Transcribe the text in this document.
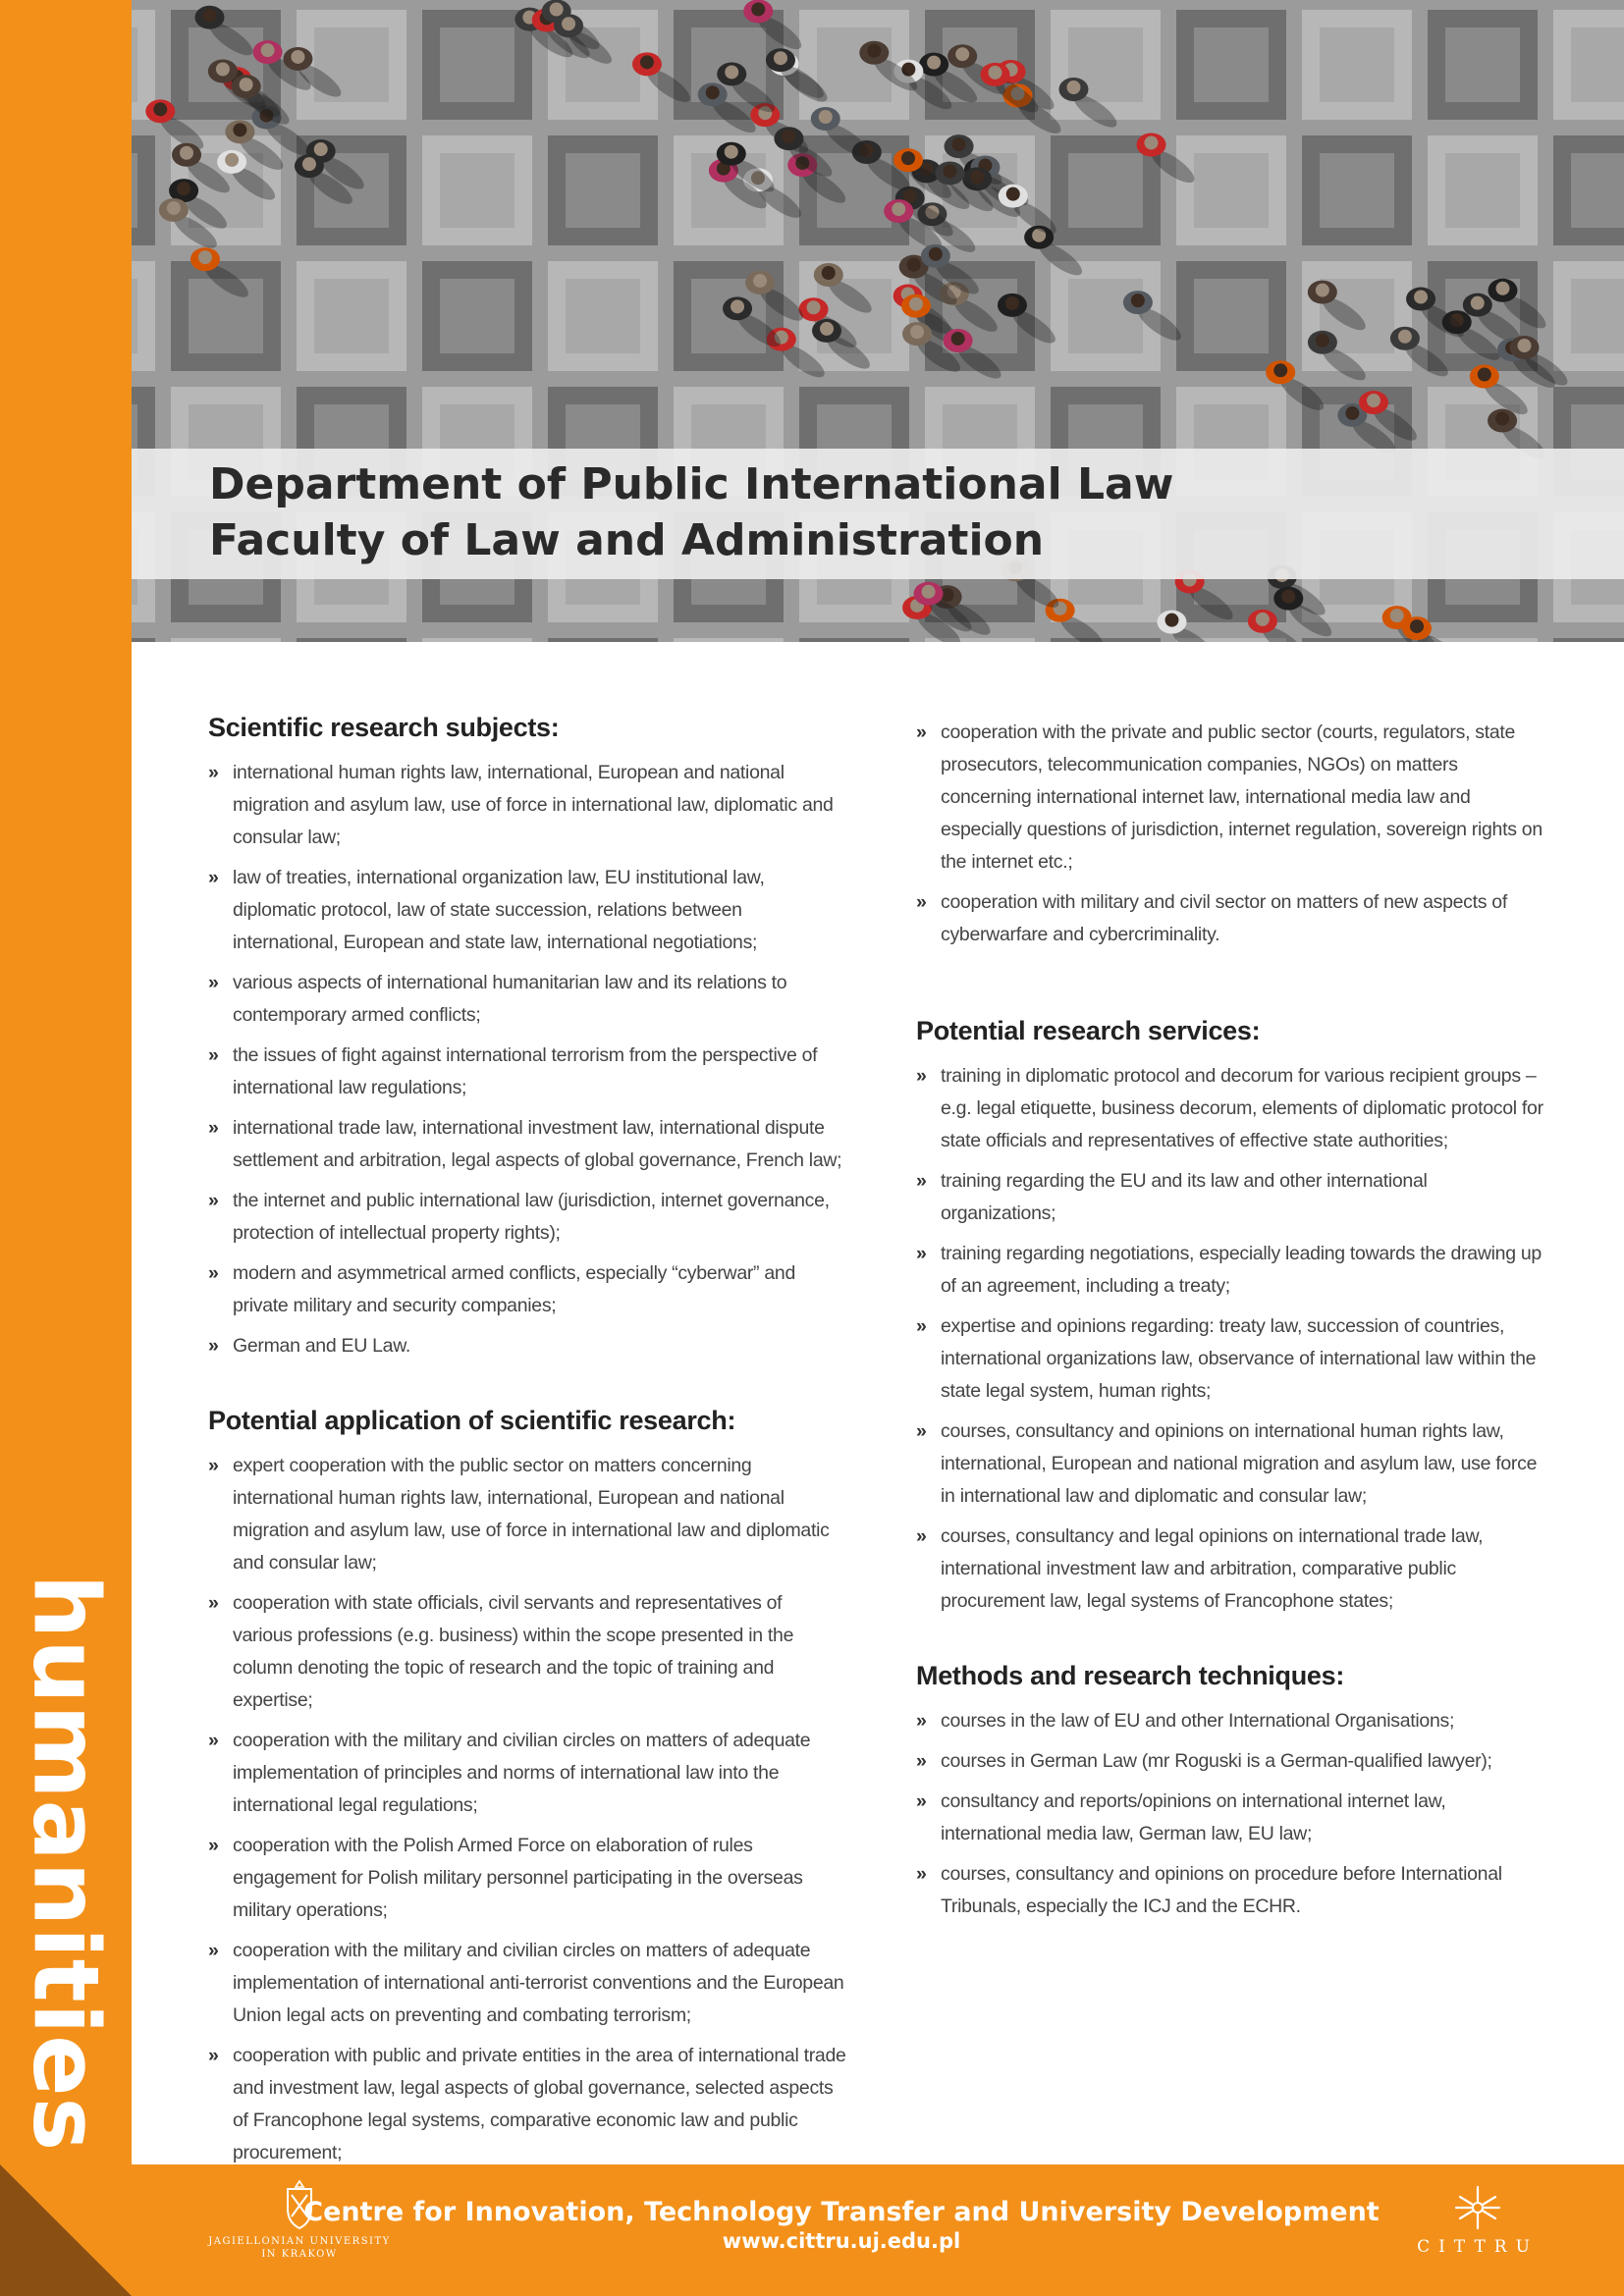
Department of Public International Law
Faculty of Law and Administration
humanities
Scientific research subjects:
» international human rights law, international, European and national migration and asylum law, use of force in international law, diplomatic and consular law;
» law of treaties, international organization law, EU institutional law, diplomatic protocol, law of state succession, relations between international, European and state law, international negotiations;
» various aspects of international humanitarian law and its relations to contemporary armed conflicts;
» the issues of fight against international terrorism from the perspective of international law regulations;
» international trade law, international investment law, international dispute settlement and arbitration, legal aspects of global governance, French law;
» the internet and public international law (jurisdiction, internet governance, protection of intellectual property rights);
» modern and asymmetrical armed conflicts, especially “cyberwar” and private military and security companies;
» German and EU Law.
Potential application of scientific research:
» expert cooperation with the public sector on matters concerning international human rights law, international, European and national migration and asylum law, use of force in international law and diplomatic and consular law;
» cooperation with state officials, civil servants and representatives of various professions (e.g. business) within the scope presented in the column denoting the topic of research and the topic of training and expertise;
» cooperation with the military and civilian circles on matters of adequate implementation of principles and norms of international law into the international legal regulations;
» cooperation with the Polish Armed Force on elaboration of rules engagement for Polish military personnel participating in the overseas military operations;
» cooperation with the military and civilian circles on matters of adequate implementation of international anti-terrorist conventions and the European Union legal acts on preventing and combating terrorism;
» cooperation with public and private entities in the area of international trade and investment law, legal aspects of global governance, selected aspects of Francophone legal systems, comparative economic law and public procurement;
» cooperation with the private and public sector (courts, regulators, state prosecutors, telecommunication companies, NGOs) on matters concerning international internet law, international media law and especially questions of jurisdiction, internet regulation, sovereign rights on the internet etc.;
» cooperation with military and civil sector on matters of new aspects of cyberwarfare and cybercriminality.
Potential research services:
» training in diplomatic protocol and decorum for various recipient groups – e.g. legal etiquette, business decorum, elements of diplomatic protocol for state officials and representatives of effective state authorities;
» training regarding the EU and its law and other international organizations;
» training regarding negotiations, especially leading towards the drawing up of an agreement, including a treaty;
» expertise and opinions regarding: treaty law, succession of countries, international organizations law, observance of international law within the state legal system, human rights;
» courses, consultancy and opinions on international human rights law, international, European and national migration and asylum law, use force in international law and diplomatic and consular law;
» courses, consultancy and legal opinions on international trade law, international investment law and arbitration, comparative public procurement law, legal systems of Francophone states;
Methods and research techniques:
» courses in the law of EU and other International Organisations;
» courses in German Law (mr Roguski is a German-qualified lawyer);
» consultancy and reports/opinions on international internet law, international media law, German law, EU law;
» courses, consultancy and opinions on procedure before International Tribunals, especially the ICJ and the ECHR.
JAGIELLONIAN UNIVERSITY
IN KRAKOW
Centre for Innovation, Technology Transfer and University Development
www.cittru.uj.edu.pl	CITTRU
